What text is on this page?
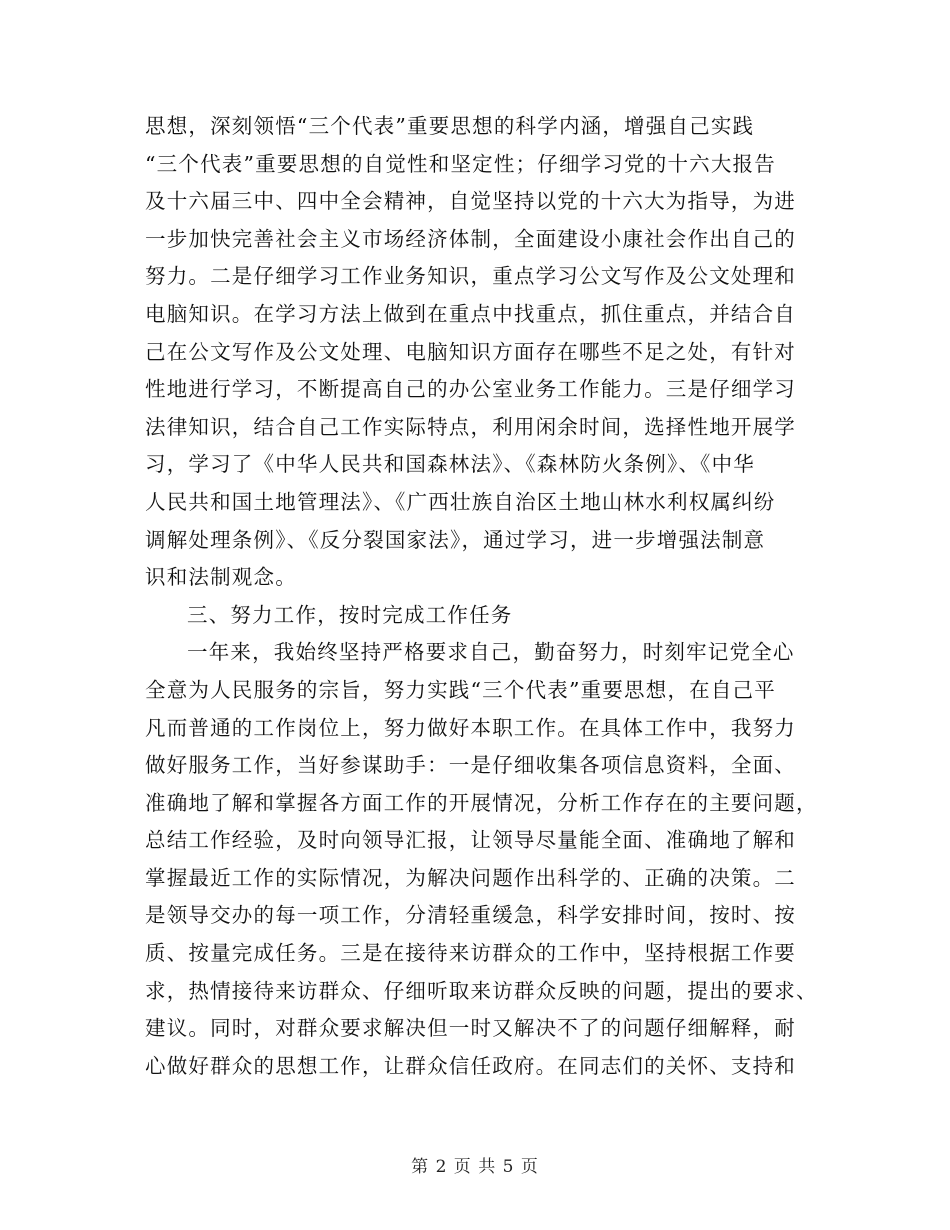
思想，深刻领悟“三个代表”重要思想的科学内涵，增强自己实践
“三个代表”重要思想的自觉性和坚定性；仔细学习党的十六大报告
及十六届三中、四中全会精神，自觉坚持以党的十六大为指导，为进
一步加快完善社会主义市场经济体制，全面建设小康社会作出自己的
努力。二是仔细学习工作业务知识，重点学习公文写作及公文处理和
电脑知识。在学习方法上做到在重点中找重点，抓住重点，并结合自
己在公文写作及公文处理、电脑知识方面存在哪些不足之处，有针对
性地进行学习，不断提高自己的办公室业务工作能力。三是仔细学习
法律知识，结合自己工作实际特点，利用闲余时间，选择性地开展学
习，学习了《中华人民共和国森林法》、《森林防火条例》、《中华
人民共和国土地管理法》、《广西壮族自治区土地山林水利权属纠纷
调解处理条例》、《反分裂国家法》，通过学习，进一步增强法制意
识和法制观念。
三、努力工作，按时完成工作任务
一年来，我始终坚持严格要求自己，勤奋努力，时刻牢记党全心
全意为人民服务的宗旨，努力实践“三个代表”重要思想，在自己平
凡而普通的工作岗位上，努力做好本职工作。在具体工作中，我努力
做好服务工作，当好参谋助手：一是仔细收集各项信息资料，全面、
准确地了解和掌握各方面工作的开展情况，分析工作存在的主要问题，
总结工作经验，及时向领导汇报，让领导尽量能全面、准确地了解和
掌握最近工作的实际情况，为解决问题作出科学的、正确的决策。二
是领导交办的每一项工作，分清轻重缓急，科学安排时间，按时、按
质、按量完成任务。三是在接待来访群众的工作中，坚持根据工作要
求，热情接待来访群众、仔细听取来访群众反映的问题，提出的要求、
建议。同时，对群众要求解决但一时又解决不了的问题仔细解释，耐
心做好群众的思想工作，让群众信任政府。在同志们的关怀、支持和
第 2 页 共 5 页
